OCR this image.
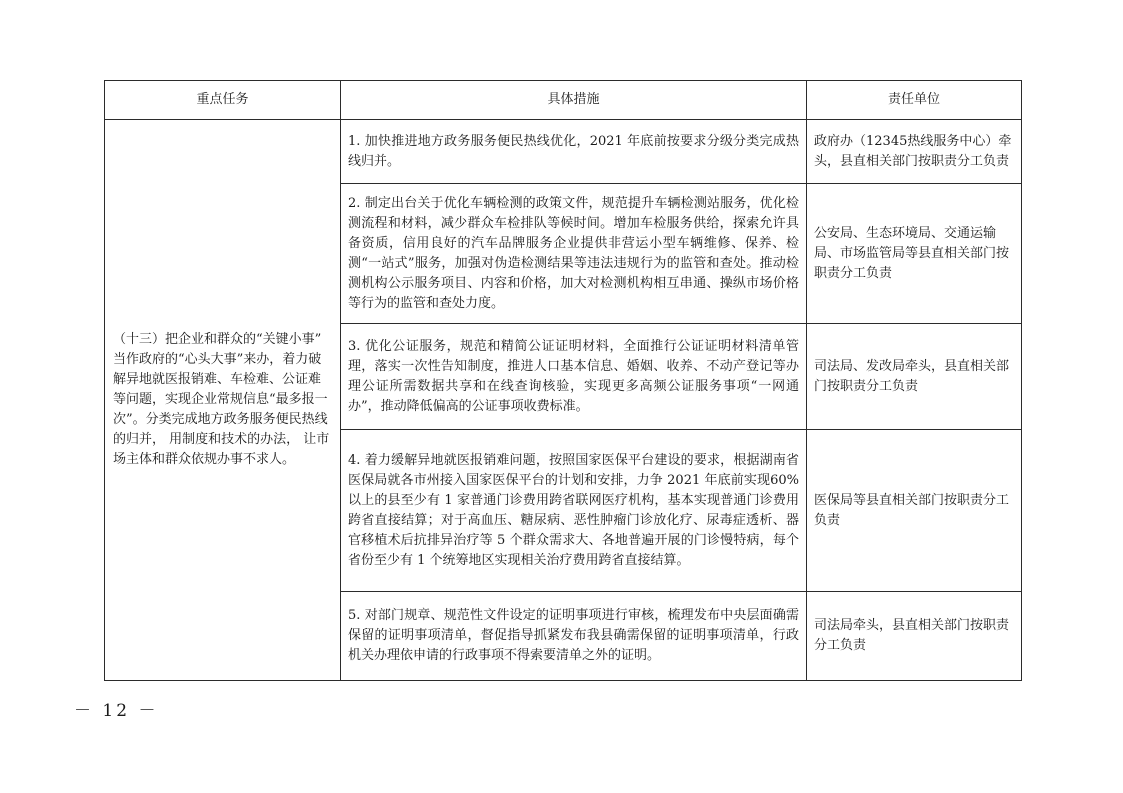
重点任务	具体措施	责任单位
（十三）把企业和群众的“关键小事” 当作政府的“心头大事”来办，着力破解异地就医报销难、车检难、公证难等问题，实现企业常规信息“最多报一次”。分类完成地方政务服务便民热线的归并， 用制度和技术的办法， 让市场主体和群众依规办事不求人。	1. 加快推进地方政务服务便民热线优化，2021 年底前按要求分级分类完成热线归并。	政府办（12345热线服务中心）牵头，县直相关部门按职责分工负责
	2. 制定出台关于优化车辆检测的政策文件，规范提升车辆检测站服务，优化检测流程和材料，减少群众车检排队等候时间。增加车检服务供给，探索允许具备资质，信用良好的汽车品牌服务企业提供非营运小型车辆维修、保养、检测“一站式”服务，加强对伪造检测结果等违法违规行为的监管和查处。推动检测机构公示服务项目、内容和价格，加大对检测机构相互串通、操纵市场价格等行为的监管和查处力度。	公安局、生态环境局、交通运输局、市场监管局等县直相关部门按职责分工负责
	3. 优化公证服务，规范和精简公证证明材料，全面推行公证证明材料清单管理，落实一次性告知制度，推进人口基本信息、婚姻、收养、不动产登记等办理公证所需数据共享和在线查询核验，实现更多高频公证服务事项“一网通办”，推动降低偏高的公证事项收费标准。	司法局、发改局牵头，县直相关部门按职责分工负责
	4. 着力缓解异地就医报销难问题，按照国家医保平台建设的要求，根据湖南省医保局就各市州接入国家医保平台的计划和安排，力争 2021 年底前实现60%以上的县至少有 1 家普通门诊费用跨省联网医疗机构，基本实现普通门诊费用跨省直接结算；对于高血压、糖尿病、恶性肿瘤门诊放化疗、尿毒症透析、器官移植术后抗排异治疗等 5 个群众需求大、各地普遍开展的门诊慢特病，每个省份至少有 1 个统筹地区实现相关治疗费用跨省直接结算。	医保局等县直相关部门按职责分工负责
	5. 对部门规章、规范性文件设定的证明事项进行审核，梳理发布中央层面确需保留的证明事项清单，督促指导抓紧发布我县确需保留的证明事项清单，行政机关办理依申请的行政事项不得索要清单之外的证明。	司法局牵头，县直相关部门按职责分工负责
－ 12 －
